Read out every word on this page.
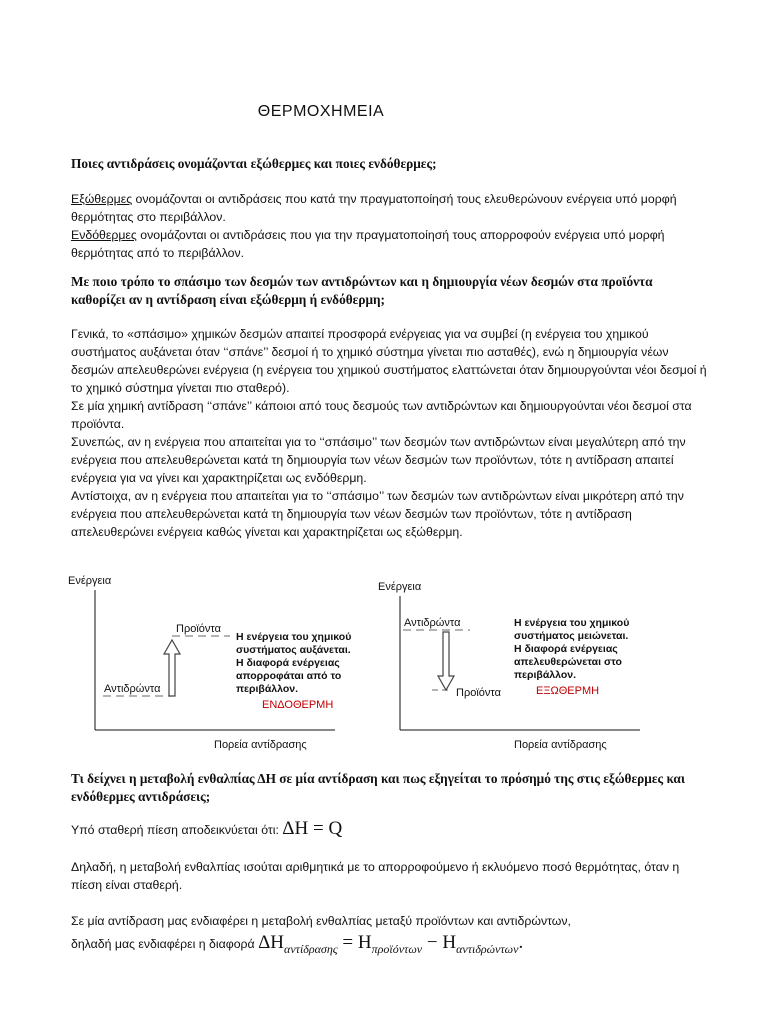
ΘΕΡΜΟΧΗΜΕΙΑ
Ποιες αντιδράσεις ονομάζονται εξώθερμες και ποιες ενδόθερμες;
Εξώθερμες ονομάζονται οι αντιδράσεις που κατά την πραγματοποίησή τους ελευθερώνουν ενέργεια υπό μορφή θερμότητας στο περιβάλλον.
Ενδόθερμες ονομάζονται οι αντιδράσεις που για την πραγματοποίησή τους απορροφούν ενέργεια υπό μορφή θερμότητας από το περιβάλλον.
Με ποιο τρόπο το σπάσιμο των δεσμών των αντιδρώντων και η δημιουργία νέων δεσμών στα προϊόντα καθορίζει αν η αντίδραση είναι εξώθερμη ή ενδόθερμη;
Γενικά, το «σπάσιμο» χημικών δεσμών απαιτεί προσφορά ενέργειας για να συμβεί (η ενέργεια του χημικού συστήματος αυξάνεται όταν ‘‘σπάνε’’ δεσμοί ή το χημικό σύστημα γίνεται πιο ασταθές), ενώ η δημιουργία νέων δεσμών απελευθερώνει ενέργεια (η ενέργεια του χημικού συστήματος ελαττώνεται όταν δημιουργούνται νέοι δεσμοί ή το χημικό σύστημα γίνεται πιο σταθερό).
Σε μία χημική αντίδραση ‘‘σπάνε’’ κάποιοι από τους δεσμούς των αντιδρώντων και δημιουργούνται νέοι δεσμοί στα προϊόντα.
Συνεπώς, αν η ενέργεια που απαιτείται για το ‘‘σπάσιμο’’ των δεσμών των αντιδρώντων είναι μεγαλύτερη από την ενέργεια που απελευθερώνεται κατά τη δημιουργία των νέων δεσμών των προϊόντων, τότε η αντίδραση απαιτεί ενέργεια για να γίνει και χαρακτηρίζεται ως ενδόθερμη.
Αντίστοιχα, αν η ενέργεια που απαιτείται για το ‘‘σπάσιμο’’ των δεσμών των αντιδρώντων είναι μικρότερη από την ενέργεια που απελευθερώνεται κατά τη δημιουργία των νέων δεσμών των προϊόντων, τότε η αντίδραση απελευθερώνει ενέργεια καθώς γίνεται και χαρακτηρίζεται ως εξώθερμη.
Ενέργεια
Πορεία αντίδρασης
Προϊόντα
Αντιδρώντα
Η ενέργεια του χημικού
συστήματος αυξάνεται.
Η διαφορά ενέργειας
απορροφάται από το
περιβάλλον.
ΕΝΔΟΘΕΡΜΗ
Ενέργεια
Πορεία αντίδρασης
Αντιδρώντα
Προϊόντα
Η ενέργεια του χημικού
συστήματος μειώνεται.
Η διαφορά ενέργειας
απελευθερώνεται στο
περιβάλλον.
ΕΞΩΘΕΡΜΗ
Τι δείχνει η μεταβολή ενθαλπίας ΔΗ σε μία αντίδραση και πως εξηγείται το πρόσημό της στις εξώθερμες και ενδόθερμες αντιδράσεις;
Υπό σταθερή πίεση αποδεικνύεται ότι: ΔH = Q
Δηλαδή, η μεταβολή ενθαλπίας ισούται αριθμητικά με το απορροφούμενο ή εκλυόμενο ποσό θερμότητας, όταν η πίεση είναι σταθερή.
Σε μία αντίδραση μας ενδιαφέρει η μεταβολή ενθαλπίας μεταξύ προϊόντων και αντιδρώντων,
δηλαδή μας ενδιαφέρει η διαφορά $\Delta H_{\alpha\nu\tau ί\delta\rho\alpha\sigma\eta\varsigma} = H_{\pi\rho oϊό\nu\tau\omega\nu} - H_{\alpha\nu\tau\iota\delta\rho ώ\nu\tau\omega\nu}$.
